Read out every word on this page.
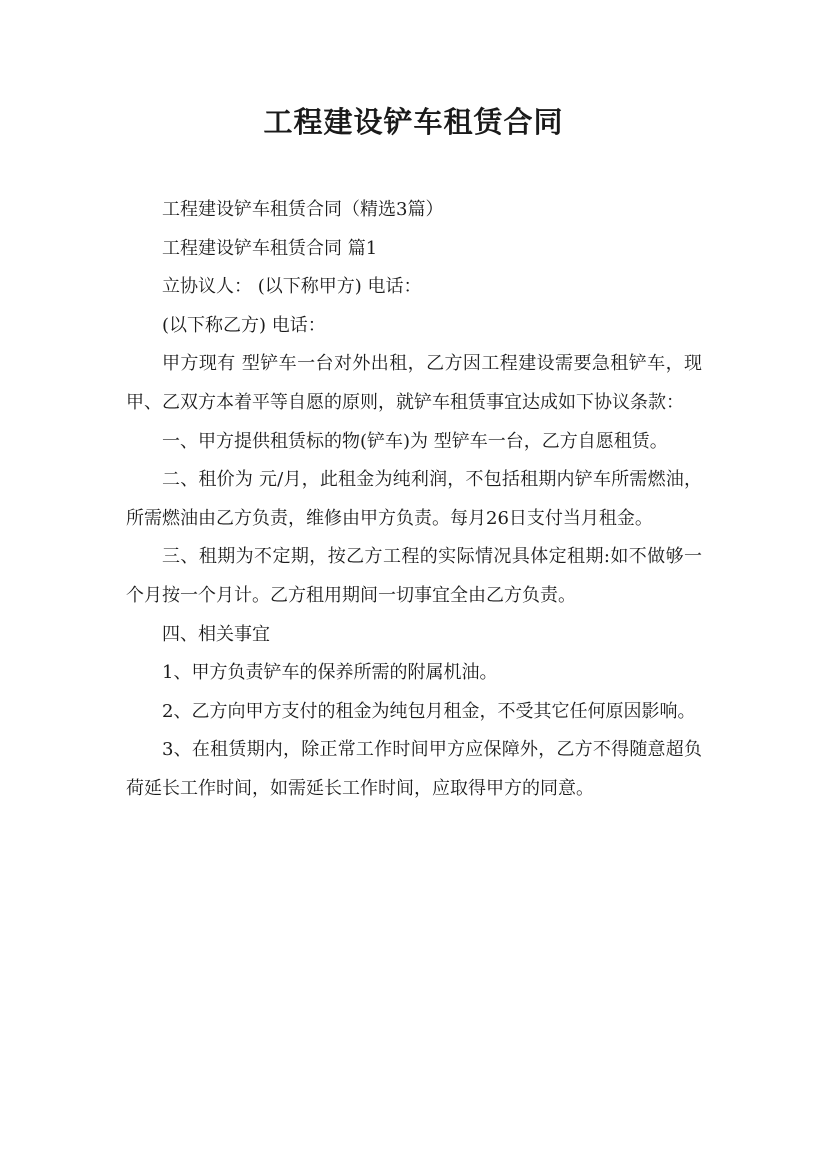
工程建设铲车租赁合同

工程建设铲车租赁合同（精选3篇）

工程建设铲车租赁合同 篇1

立协议人： (以下称甲方) 电话：

(以下称乙方) 电话：

甲方现有 型铲车一台对外出租，乙方因工程建设需要急租铲车，现甲、乙双方本着平等自愿的原则，就铲车租赁事宜达成如下协议条款：

一、甲方提供租赁标的物(铲车)为 型铲车一台，乙方自愿租赁。

二、租价为 元/月，此租金为纯利润，不包括租期内铲车所需燃油，所需燃油由乙方负责，维修由甲方负责。每月26日支付当月租金。

三、租期为不定期，按乙方工程的实际情况具体定租期:如不做够一个月按一个月计。乙方租用期间一切事宜全由乙方负责。

四、相关事宜

1、甲方负责铲车的保养所需的附属机油。

2、乙方向甲方支付的租金为纯包月租金，不受其它任何原因影响。

3、在租赁期内，除正常工作时间甲方应保障外，乙方不得随意超负荷延长工作时间，如需延长工作时间，应取得甲方的同意。
